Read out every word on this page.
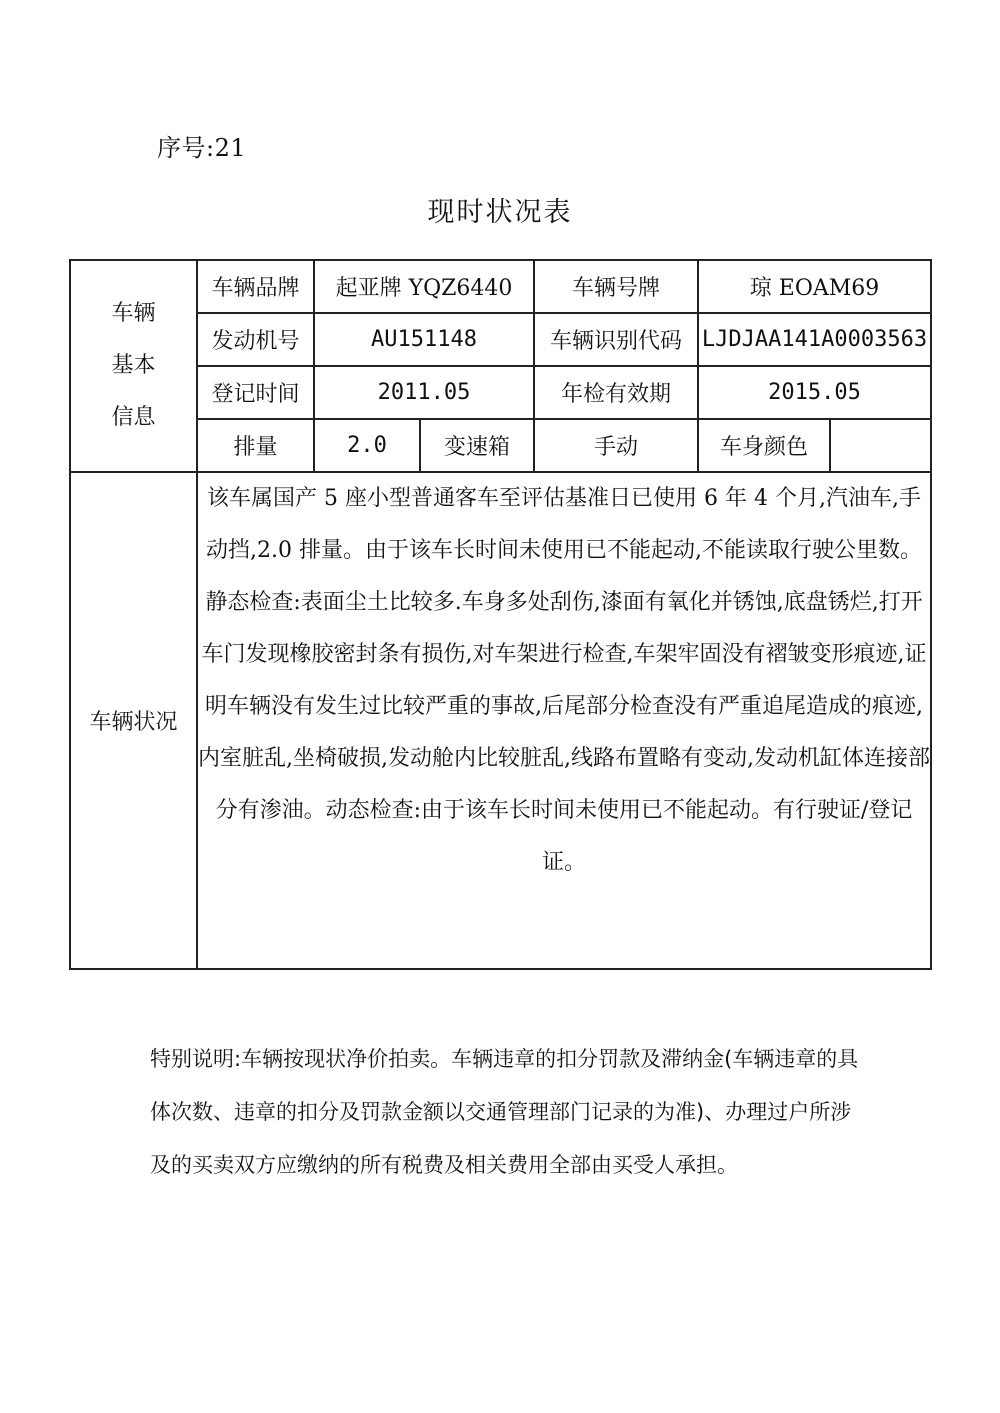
序号:21
现时状况表
车辆
基本
信息	车辆品牌	起亚牌 YQZ6440		车辆号牌	琼 EOAM69	
	发动机号	AU151148		车辆识别代码	LJDJAA141A0003563	
	登记时间	2011.05		年检有效期	2015.05	
	排量	2.0	变速箱	手动	车身颜色	
车辆状况	该车属国产 5 座小型普通客车至评估基准日已使用 6 年 4 个月,汽油车,手动挡,2.0 排量。由于该车长时间未使用已不能起动,不能读取行驶公里数。静态检查:表面尘土比较多.车身多处刮伤,漆面有氧化并锈蚀,底盘锈烂,打开车门发现橡胶密封条有损伤,对车架进行检查,车架牢固没有褶皱变形痕迹,证明车辆没有发生过比较严重的事故,后尾部分检查没有严重追尾造成的痕迹,内室脏乱,坐椅破损,发动舱内比较脏乱,线路布置略有变动,发动机缸体连接部分有渗油。动态检查:由于该车长时间未使用已不能起动。有行驶证/登记证。					
特别说明:车辆按现状净价拍卖。车辆违章的扣分罚款及滞纳金(车辆违章的具体次数、违章的扣分及罚款金额以交通管理部门记录的为准)、办理过户所涉及的买卖双方应缴纳的所有税费及相关费用全部由买受人承担。
